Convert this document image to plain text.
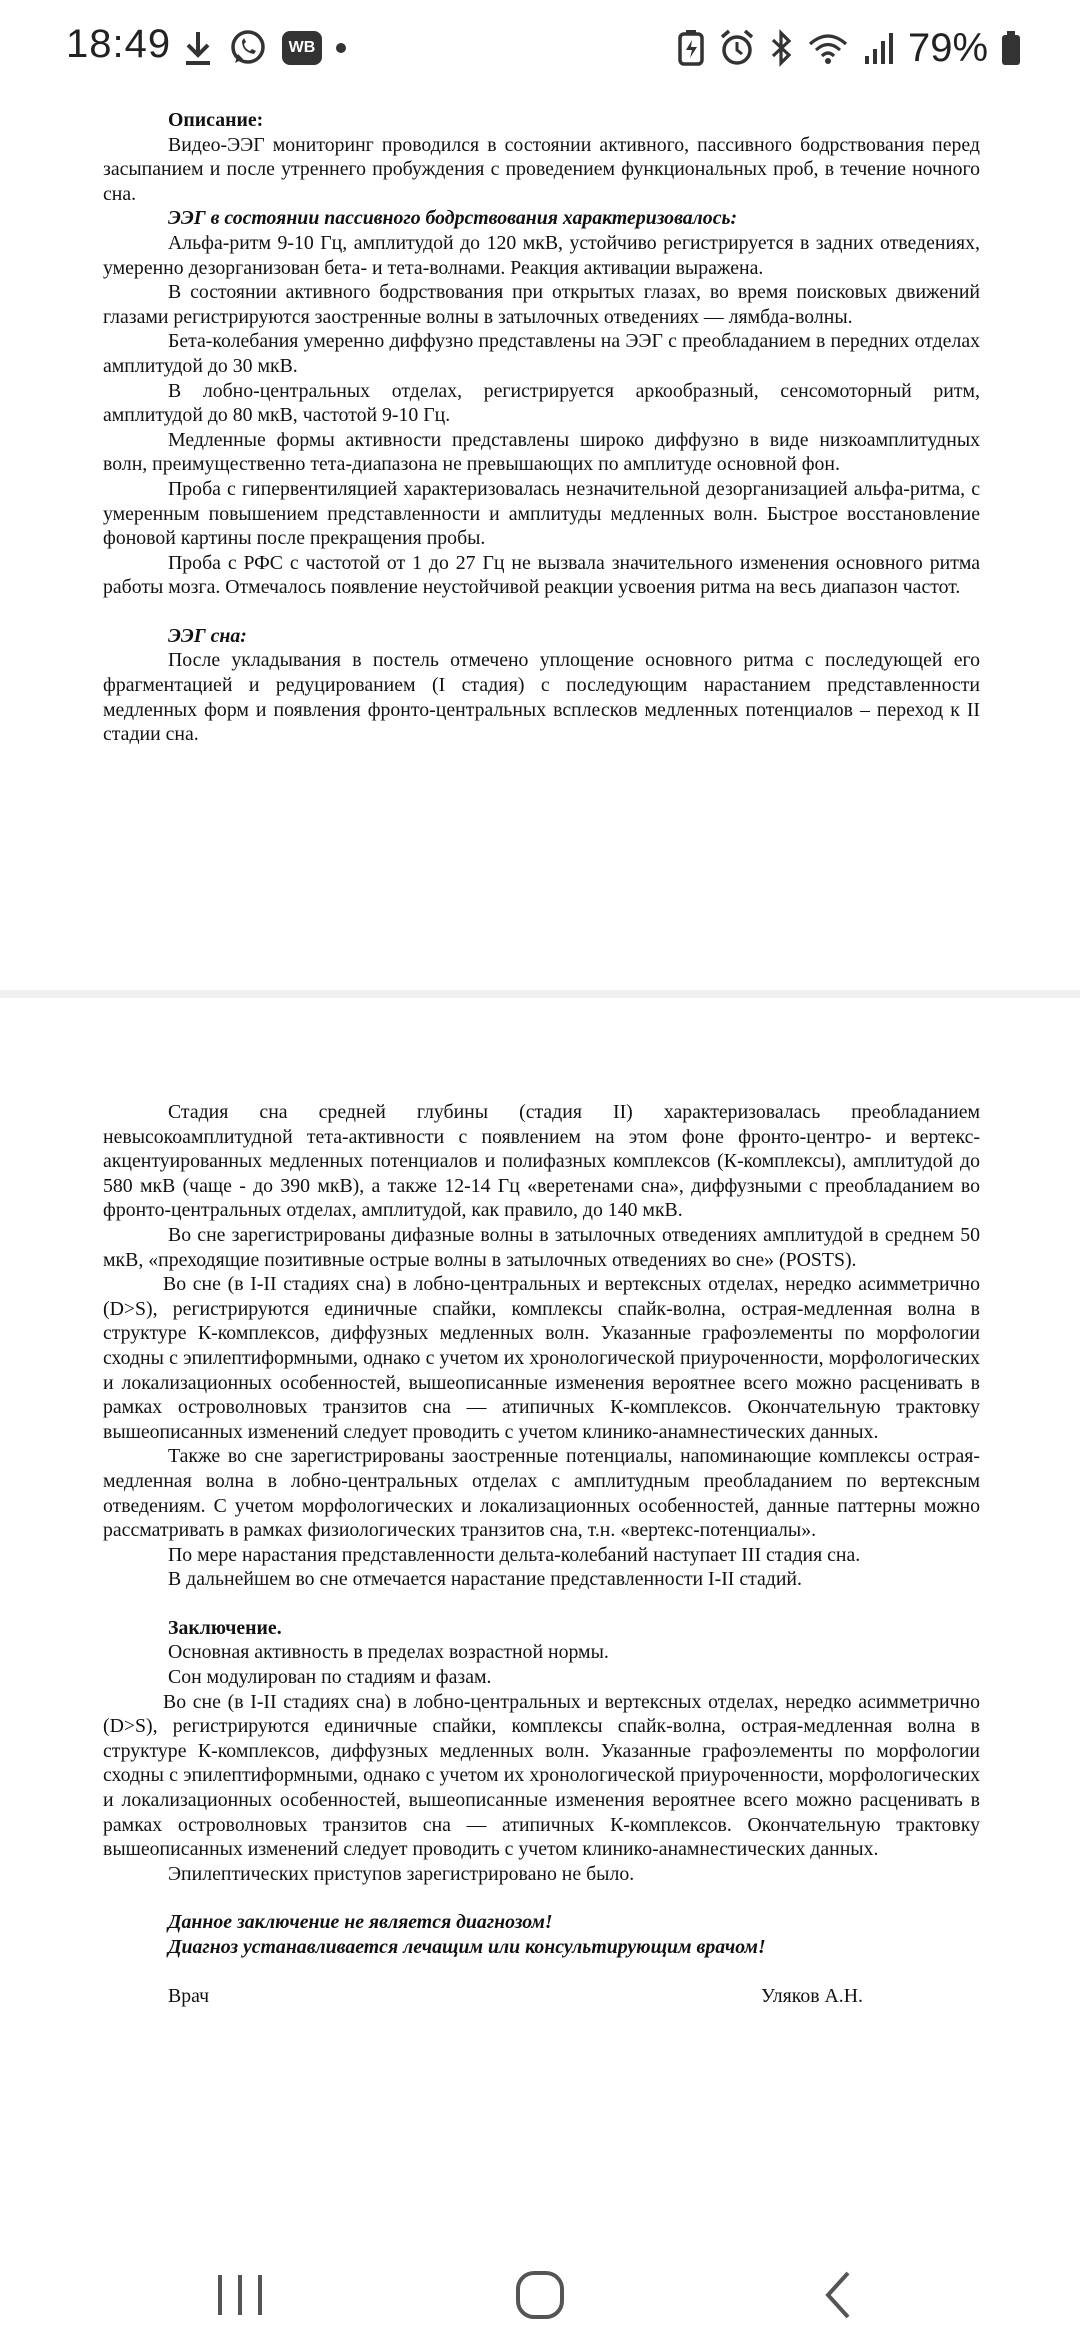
18:49	WB	79%

Описание:

Видео-ЭЭГ мониторинг проводился в состоянии активного, пассивного бодрствования перед засыпанием и после утреннего пробуждения с проведением функциональных проб, в течение ночного сна.

ЭЭГ в состоянии пассивного бодрствования характеризовалось:

Альфа-ритм 9-10 Гц, амплитудой до 120 мкВ, устойчиво регистрируется в задних отведениях, умеренно дезорганизован бета- и тета-волнами. Реакция активации выражена.

В состоянии активного бодрствования при открытых глазах, во время поисковых движений глазами регистрируются заостренные волны в затылочных отведениях — лямбда-волны.

Бета-колебания умеренно диффузно представлены на ЭЭГ с преобладанием в передних отделах амплитудой до 30 мкВ.

В лобно-центральных отделах, регистрируется аркообразный, сенсомоторный ритм, амплитудой до 80 мкВ, частотой 9-10 Гц.

Медленные формы активности представлены широко диффузно в виде низкоамплитудных волн, преимущественно тета-диапазона не превышающих по амплитуде основной фон.

Проба с гипервентиляцией характеризовалась незначительной дезорганизацией альфа-ритма, с умеренным повышением представленности и амплитуды медленных волн. Быстрое восстановление фоновой картины после прекращения пробы.

Проба с РФС с частотой от 1 до 27 Гц не вызвала значительного изменения основного ритма работы мозга. Отмечалось появление неустойчивой реакции усвоения ритма на весь диапазон частот.

ЭЭГ сна:

После укладывания в постель отмечено уплощение основного ритма с последующей его фрагментацией и редуцированием (I стадия) с последующим нарастанием представленности медленных форм и появления фронто-центральных всплесков медленных потенциалов – переход к II стадии сна.

Стадия сна средней глубины (стадия II) характеризовалась преобладанием невысокоамплитудной тета-активности с появлением на этом фоне фронто-центро- и вертекс-акцентуированных медленных потенциалов и полифазных комплексов (К-комплексы), амплитудой до 580 мкВ (чаще - до 390 мкВ), а также 12-14 Гц «веретенами сна», диффузными с преобладанием во фронто-центральных отделах, амплитудой, как правило, до 140 мкВ.

Во сне зарегистрированы дифазные волны в затылочных отведениях амплитудой в среднем 50 мкВ, «преходящие позитивные острые волны в затылочных отведениях во сне» (POSTS).

Во сне (в I-II стадиях сна) в лобно-центральных и вертексных отделах, нередко асимметрично (D>S), регистрируются единичные спайки, комплексы спайк-волна, острая-медленная волна в структуре К-комплексов, диффузных медленных волн. Указанные графоэлементы по морфологии сходны с эпилептиформными, однако с учетом их хронологической приуроченности, морфологических и локализационных особенностей, вышеописанные изменения вероятнее всего можно расценивать в рамках островолновых транзитов сна — атипичных К-комплексов. Окончательную трактовку вышеописанных изменений следует проводить с учетом клинико-анамнестических данных.

Также во сне зарегистрированы заостренные потенциалы, напоминающие комплексы острая-медленная волна в лобно-центральных отделах с амплитудным преобладанием по вертексным отведениям. С учетом морфологических и локализационных особенностей, данные паттерны можно рассматривать в рамках физиологических транзитов сна, т.н. «вертекс-потенциалы».

По мере нарастания представленности дельта-колебаний наступает III стадия сна.

В дальнейшем во сне отмечается нарастание представленности I-II стадий.

Заключение.

Основная активность в пределах возрастной нормы.

Сон модулирован по стадиям и фазам.

Во сне (в I-II стадиях сна) в лобно-центральных и вертексных отделах, нередко асимметрично (D>S), регистрируются единичные спайки, комплексы спайк-волна, острая-медленная волна в структуре К-комплексов, диффузных медленных волн. Указанные графоэлементы по морфологии сходны с эпилептиформными, однако с учетом их хронологической приуроченности, морфологических и локализационных особенностей, вышеописанные изменения вероятнее всего можно расценивать в рамках островолновых транзитов сна — атипичных К-комплексов. Окончательную трактовку вышеописанных изменений следует проводить с учетом клинико-анамнестических данных.

Эпилептических приступов зарегистрировано не было.

Данное заключение не является диагнозом!

Диагноз устанавливается лечащим или консультирующим врачом!

Врач	Уляков А.Н.
